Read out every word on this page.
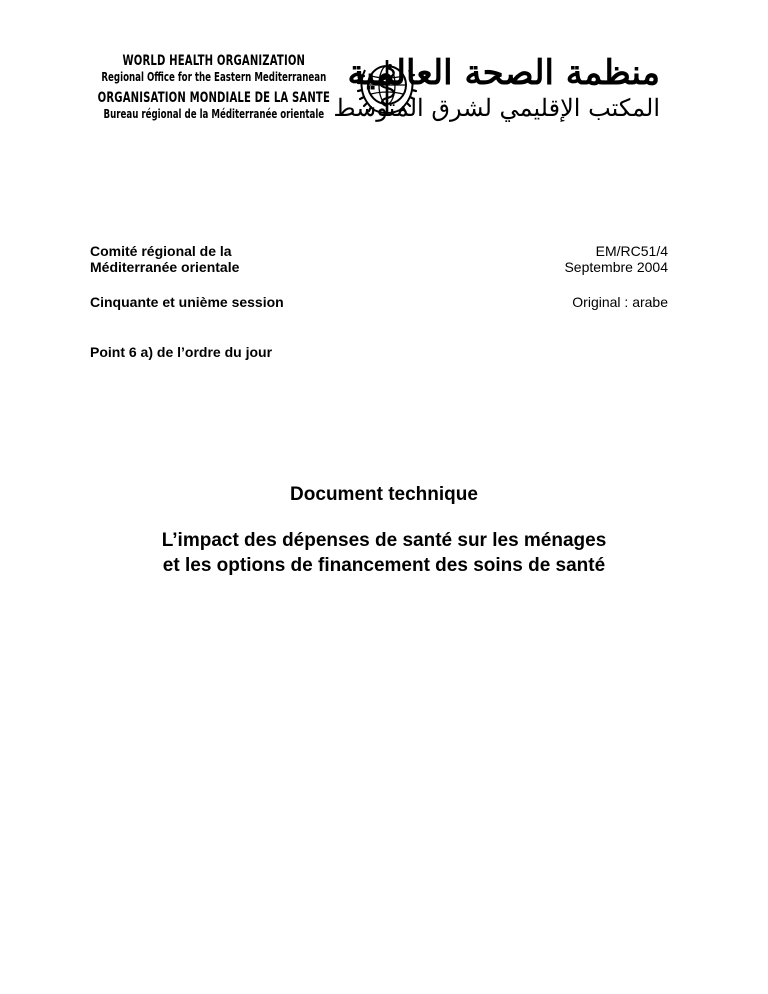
WORLD HEALTH ORGANIZATION
Regional Office for the Eastern Mediterranean
ORGANISATION MONDIALE DE LA SANTE
Bureau régional de la Méditerranée orientale
منظمة الصحة العالمية
المكتب الإقليمي لشرق المتوسط
Comité régional de la
Méditerranée orientale
EM/RC51/4
Septembre 2004
Cinquante et unième session	Original : arabe
Point 6 a) de l’ordre du jour
Document technique
L’impact des dépenses de santé sur les ménages
et les options de financement des soins de santé
